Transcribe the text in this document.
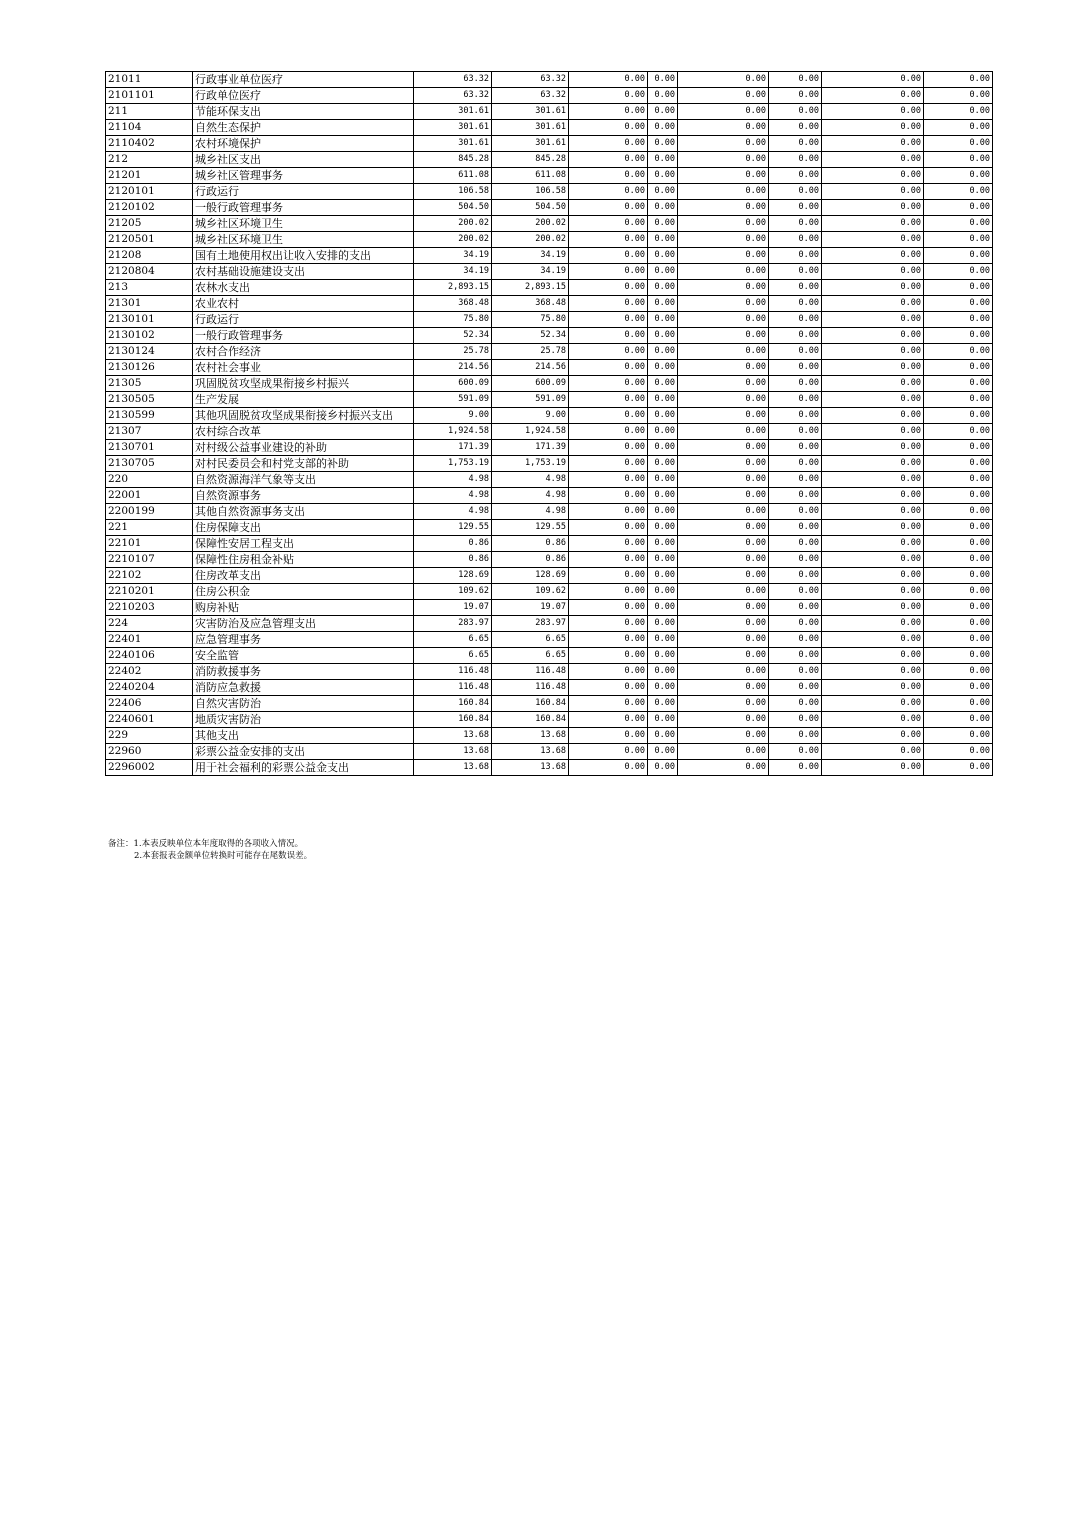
21011	行政事业单位医疗	63.32	63.32	0.00	0.00	0.00	0.00	0.00	0.00
2101101	行政单位医疗	63.32	63.32	0.00	0.00	0.00	0.00	0.00	0.00
211	节能环保支出	301.61	301.61	0.00	0.00	0.00	0.00	0.00	0.00
21104	自然生态保护	301.61	301.61	0.00	0.00	0.00	0.00	0.00	0.00
2110402	农村环境保护	301.61	301.61	0.00	0.00	0.00	0.00	0.00	0.00
212	城乡社区支出	845.28	845.28	0.00	0.00	0.00	0.00	0.00	0.00
21201	城乡社区管理事务	611.08	611.08	0.00	0.00	0.00	0.00	0.00	0.00
2120101	行政运行	106.58	106.58	0.00	0.00	0.00	0.00	0.00	0.00
2120102	一般行政管理事务	504.50	504.50	0.00	0.00	0.00	0.00	0.00	0.00
21205	城乡社区环境卫生	200.02	200.02	0.00	0.00	0.00	0.00	0.00	0.00
2120501	城乡社区环境卫生	200.02	200.02	0.00	0.00	0.00	0.00	0.00	0.00
21208	国有土地使用权出让收入安排的支出	34.19	34.19	0.00	0.00	0.00	0.00	0.00	0.00
2120804	农村基础设施建设支出	34.19	34.19	0.00	0.00	0.00	0.00	0.00	0.00
213	农林水支出	2,893.15	2,893.15	0.00	0.00	0.00	0.00	0.00	0.00
21301	农业农村	368.48	368.48	0.00	0.00	0.00	0.00	0.00	0.00
2130101	行政运行	75.80	75.80	0.00	0.00	0.00	0.00	0.00	0.00
2130102	一般行政管理事务	52.34	52.34	0.00	0.00	0.00	0.00	0.00	0.00
2130124	农村合作经济	25.78	25.78	0.00	0.00	0.00	0.00	0.00	0.00
2130126	农村社会事业	214.56	214.56	0.00	0.00	0.00	0.00	0.00	0.00
21305	巩固脱贫攻坚成果衔接乡村振兴	600.09	600.09	0.00	0.00	0.00	0.00	0.00	0.00
2130505	生产发展	591.09	591.09	0.00	0.00	0.00	0.00	0.00	0.00
2130599	其他巩固脱贫攻坚成果衔接乡村振兴支出	9.00	9.00	0.00	0.00	0.00	0.00	0.00	0.00
21307	农村综合改革	1,924.58	1,924.58	0.00	0.00	0.00	0.00	0.00	0.00
2130701	对村级公益事业建设的补助	171.39	171.39	0.00	0.00	0.00	0.00	0.00	0.00
2130705	对村民委员会和村党支部的补助	1,753.19	1,753.19	0.00	0.00	0.00	0.00	0.00	0.00
220	自然资源海洋气象等支出	4.98	4.98	0.00	0.00	0.00	0.00	0.00	0.00
22001	自然资源事务	4.98	4.98	0.00	0.00	0.00	0.00	0.00	0.00
2200199	其他自然资源事务支出	4.98	4.98	0.00	0.00	0.00	0.00	0.00	0.00
221	住房保障支出	129.55	129.55	0.00	0.00	0.00	0.00	0.00	0.00
22101	保障性安居工程支出	0.86	0.86	0.00	0.00	0.00	0.00	0.00	0.00
2210107	保障性住房租金补贴	0.86	0.86	0.00	0.00	0.00	0.00	0.00	0.00
22102	住房改革支出	128.69	128.69	0.00	0.00	0.00	0.00	0.00	0.00
2210201	住房公积金	109.62	109.62	0.00	0.00	0.00	0.00	0.00	0.00
2210203	购房补贴	19.07	19.07	0.00	0.00	0.00	0.00	0.00	0.00
224	灾害防治及应急管理支出	283.97	283.97	0.00	0.00	0.00	0.00	0.00	0.00
22401	应急管理事务	6.65	6.65	0.00	0.00	0.00	0.00	0.00	0.00
2240106	安全监管	6.65	6.65	0.00	0.00	0.00	0.00	0.00	0.00
22402	消防救援事务	116.48	116.48	0.00	0.00	0.00	0.00	0.00	0.00
2240204	消防应急救援	116.48	116.48	0.00	0.00	0.00	0.00	0.00	0.00
22406	自然灾害防治	160.84	160.84	0.00	0.00	0.00	0.00	0.00	0.00
2240601	地质灾害防治	160.84	160.84	0.00	0.00	0.00	0.00	0.00	0.00
229	其他支出	13.68	13.68	0.00	0.00	0.00	0.00	0.00	0.00
22960	彩票公益金安排的支出	13.68	13.68	0.00	0.00	0.00	0.00	0.00	0.00
2296002	用于社会福利的彩票公益金支出	13.68	13.68	0.00	0.00	0.00	0.00	0.00	0.00
备注：1.本表反映单位本年度取得的各项收入情况。
2.本套报表金额单位转换时可能存在尾数误差。
